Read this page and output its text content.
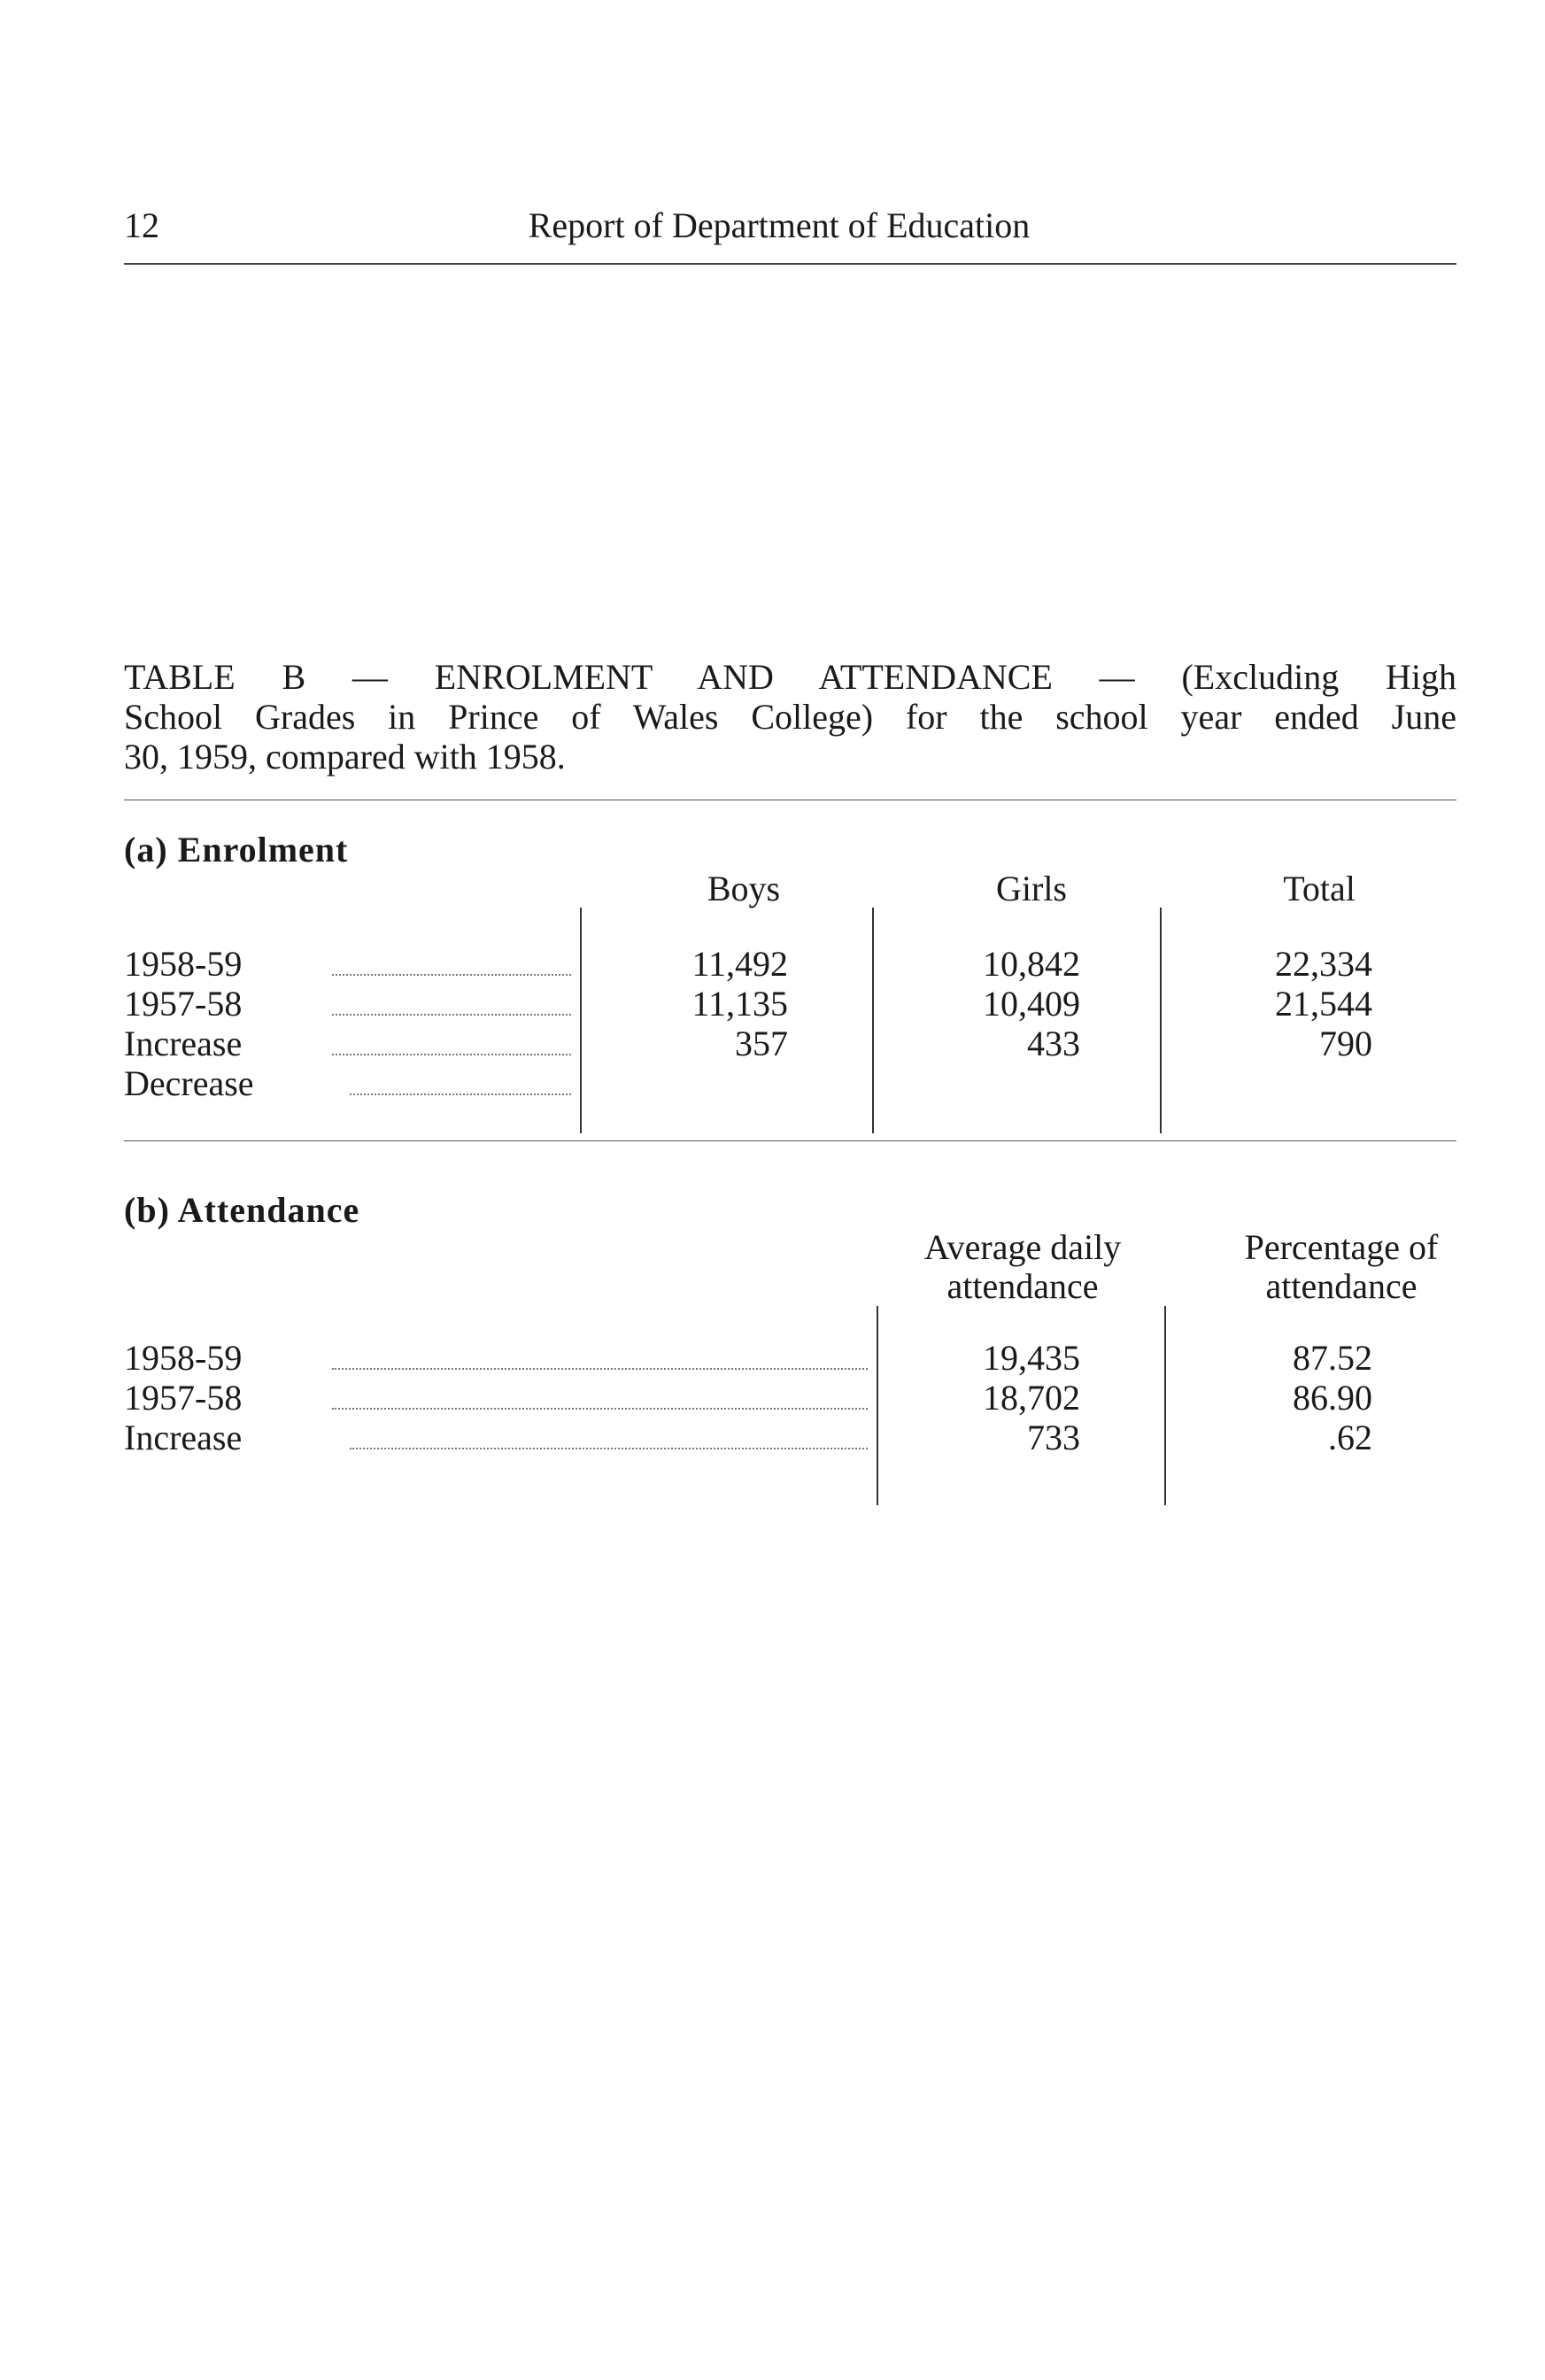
12	Report of Department of Education
TABLE B — ENROLMENT AND ATTENDANCE — (Excluding High
School Grades in Prince of Wales College) for the school year ended June
30, 1959, compared with 1958.
(a) Enrolment
Boys	Girls	Total
1958-59	11,492	10,842	22,334
1957-58	11,135	10,409	21,544
Increase	357	433	790
Decrease
(b) Attendance
Average daily
attendance
Percentage of
attendance
1958-59	19,435	87.52
1957-58	18,702	86.90
Increase	733	.62
